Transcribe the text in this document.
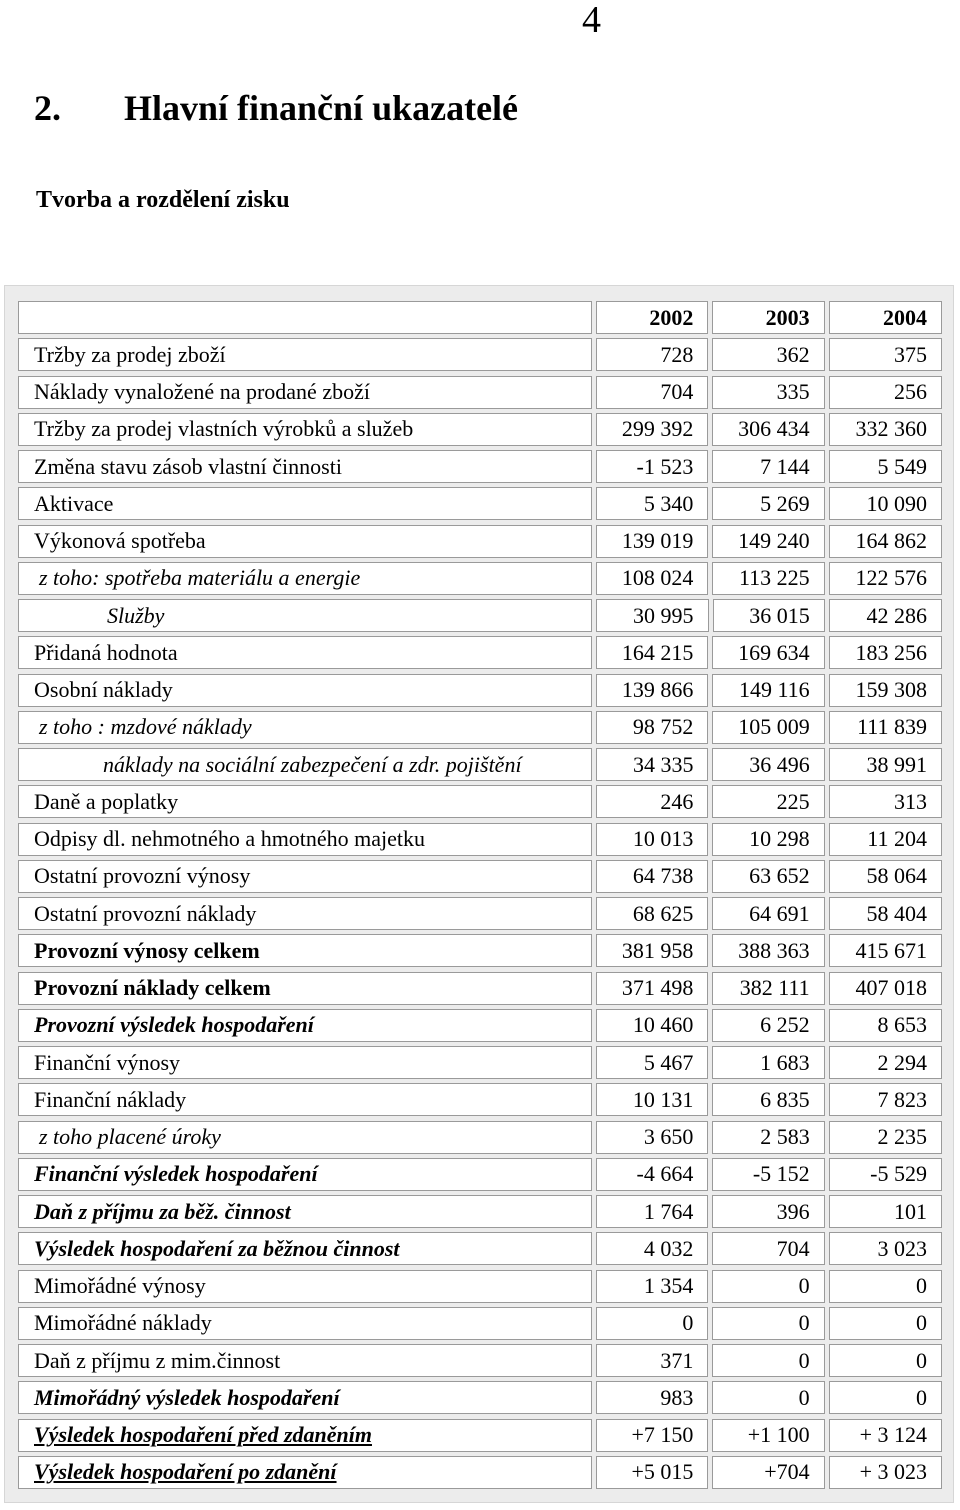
4
2. Hlavní finanční ukazatelé
Tvorba a rozdělení zisku
2002	2003	2004
Tržby za prodej zboží	728	362	375
Náklady vynaložené na prodané zboží	704	335	256
Tržby za prodej vlastních výrobků a služeb	299 392	306 434	332 360
Změna stavu zásob vlastní činnosti	-1 523	7 144	5 549
Aktivace	5 340	5 269	10 090
Výkonová spotřeba	139 019	149 240	164 862
z toho: spotřeba materiálu a energie	108 024	113 225	122 576
Služby	30 995	36 015	42 286
Přidaná hodnota	164 215	169 634	183 256
Osobní náklady	139 866	149 116	159 308
z toho : mzdové náklady	98 752	105 009	111 839
náklady na sociální zabezpečení a zdr. pojištění	34 335	36 496	38 991
Daně a poplatky	246	225	313
Odpisy dl. nehmotného a hmotného majetku	10 013	10 298	11 204
Ostatní provozní výnosy	64 738	63 652	58 064
Ostatní provozní náklady	68 625	64 691	58 404
Provozní výnosy celkem	381 958	388 363	415 671
Provozní náklady celkem	371 498	382 111	407 018
Provozní výsledek hospodaření	10 460	6 252	8 653
Finanční výnosy	5 467	1 683	2 294
Finanční náklady	10 131	6 835	7 823
z toho placené úroky	3 650	2 583	2 235
Finanční výsledek hospodaření	-4 664	-5 152	-5 529
Daň z příjmu za běž. činnost	1 764	396	101
Výsledek hospodaření za běžnou činnost	4 032	704	3 023
Mimořádné výnosy	1 354	0	0
Mimořádné náklady	0	0	0
Daň z příjmu z mim.činnost	371	0	0
Mimořádný výsledek hospodaření	983	0	0
Výsledek hospodaření před zdaněním	+7 150	+1 100	+ 3 124
Výsledek hospodaření po zdanění	+5 015	+704	+ 3 023
